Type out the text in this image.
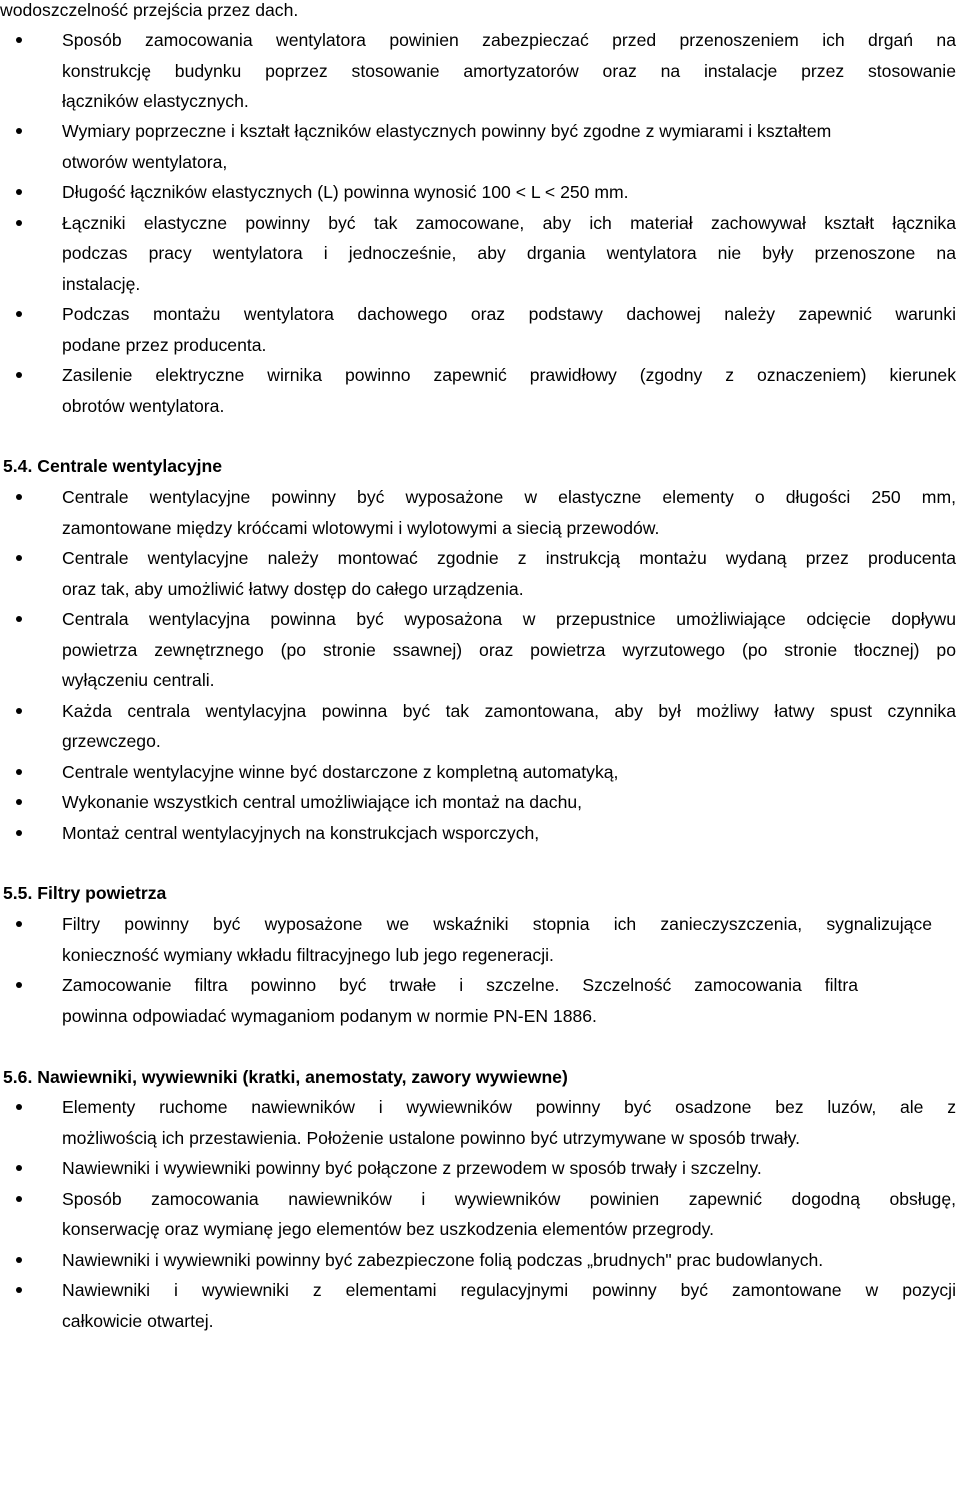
wodoszczelność przejścia przez dach.
Sposób zamocowania wentylatora powinien zabezpieczać przed przenoszeniem ich drgań na
konstrukcję budynku poprzez stosowanie amortyzatorów oraz na instalacje przez stosowanie
łączników elastycznych.
Wymiary poprzeczne i kształt łączników elastycznych powinny być zgodne z wymiarami i kształtem
otworów wentylatora,
Długość łączników elastycznych (L) powinna wynosić 100 < L < 250 mm.
Łączniki elastyczne powinny być tak zamocowane, aby ich materiał zachowywał kształt łącznika
podczas pracy wentylatora i jednocześnie, aby drgania wentylatora nie były przenoszone na
instalację.
Podczas montażu wentylatora dachowego oraz podstawy dachowej należy zapewnić warunki
podane przez producenta.
Zasilenie elektryczne wirnika powinno zapewnić prawidłowy (zgodny z oznaczeniem) kierunek
obrotów wentylatora.
5.4. Centrale wentylacyjne
Centrale wentylacyjne powinny być wyposażone w elastyczne elementy o długości 250 mm,
zamontowane między króćcami wlotowymi i wylotowymi a siecią przewodów.
Centrale wentylacyjne należy montować zgodnie z instrukcją montażu wydaną przez producenta
oraz tak, aby umożliwić łatwy dostęp do całego urządzenia.
Centrala wentylacyjna powinna być wyposażona w przepustnice umożliwiające odcięcie dopływu
powietrza zewnętrznego (po stronie ssawnej) oraz powietrza wyrzutowego (po stronie tłocznej) po
wyłączeniu centrali.
Każda centrala wentylacyjna powinna być tak zamontowana, aby był możliwy łatwy spust czynnika
grzewczego.
Centrale wentylacyjne winne być dostarczone z kompletną automatyką,
Wykonanie wszystkich central umożliwiające ich montaż na dachu,
Montaż central wentylacyjnych na konstrukcjach wsporczych,
5.5. Filtry powietrza
Filtry powinny być wyposażone we wskaźniki stopnia ich zanieczyszczenia, sygnalizujące
konieczność wymiany wkładu filtracyjnego lub jego regeneracji.
Zamocowanie filtra powinno być trwałe i szczelne. Szczelność zamocowania filtra
powinna odpowiadać wymaganiom podanym w normie PN-EN 1886.
5.6. Nawiewniki, wywiewniki (kratki, anemostaty, zawory wywiewne)
Elementy ruchome nawiewników i wywiewników powinny być osadzone bez luzów, ale z
możliwością ich przestawienia. Położenie ustalone powinno być utrzymywane w sposób trwały.
Nawiewniki i wywiewniki powinny być połączone z przewodem w sposób trwały i szczelny.
Sposób zamocowania nawiewników i wywiewników powinien zapewnić dogodną obsługę,
konserwację oraz wymianę jego elementów bez uszkodzenia elementów przegrody.
Nawiewniki i wywiewniki powinny być zabezpieczone folią podczas „brudnych" prac budowlanych.
Nawiewniki i wywiewniki z elementami regulacyjnymi powinny być zamontowane w pozycji
całkowicie otwartej.
